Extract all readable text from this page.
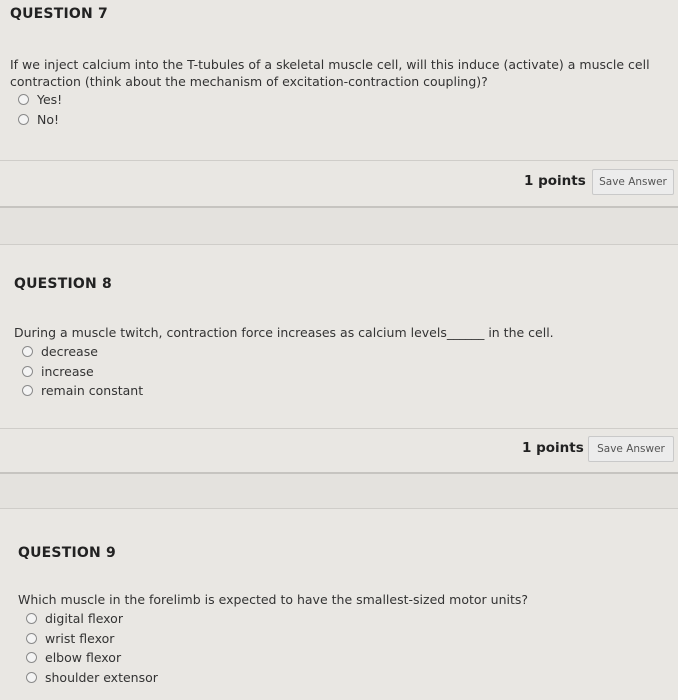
QUESTION 7
If we inject calcium into the T-tubules of a skeletal muscle cell, will this induce (activate) a muscle cell contraction (think about the mechanism of excitation-contraction coupling)?
Yes!
No!
1 points	Save Answer
QUESTION 8
During a muscle twitch, contraction force increases as calcium levels______ in the cell.
decrease
increase
remain constant
1 points	Save Answer
QUESTION 9
Which muscle in the forelimb is expected to have the smallest-sized motor units?
digital flexor
wrist flexor
elbow flexor
shoulder extensor
